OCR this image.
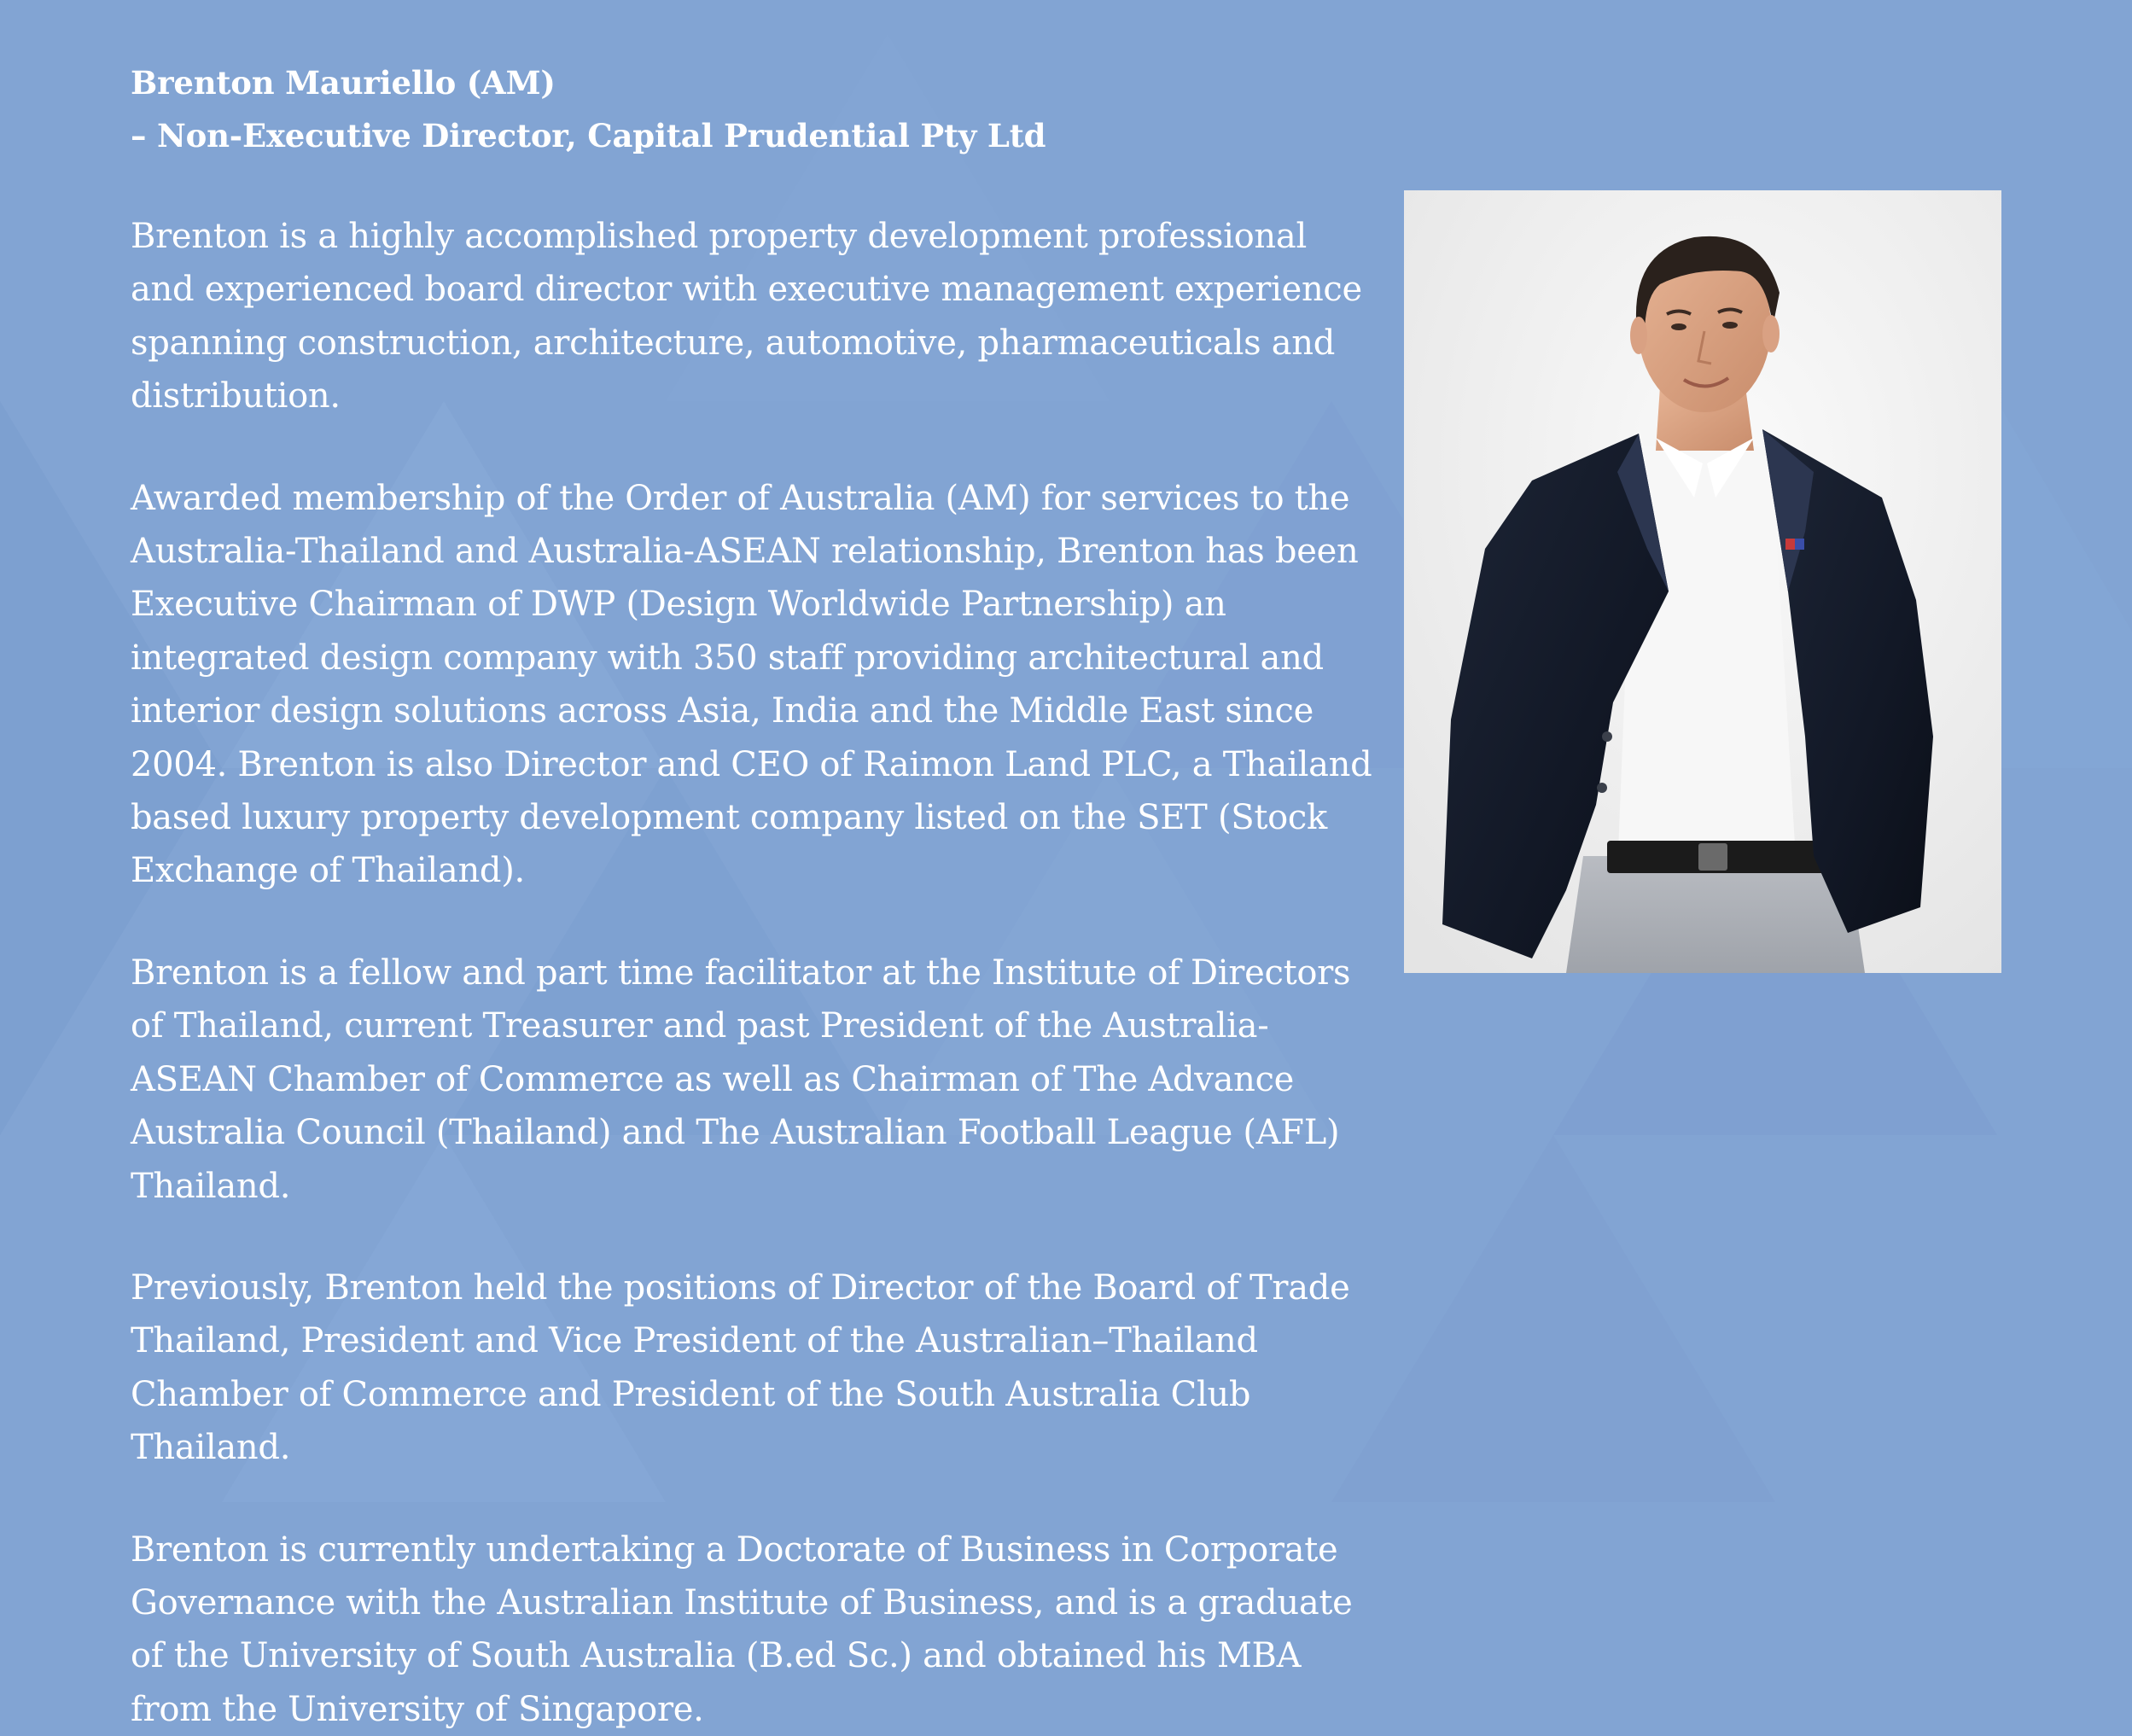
Brenton Mauriello (AM)

– Non-Executive Director, Capital Prudential Pty Ltd

Brenton is a highly accomplished property development professional and experienced board director with executive management experience spanning construction, architecture, automotive, pharmaceuticals and distribution.

Awarded membership of the Order of Australia (AM) for services to the Australia-Thailand and Australia-ASEAN relationship, Brenton has been Executive Chairman of DWP (Design Worldwide Partnership) an integrated design company with 350 staff providing architectural and interior design solutions across Asia, India and the Middle East since 2004. Brenton is also Director and CEO of Raimon Land PLC, a Thailand based luxury property development company listed on the SET (Stock Exchange of Thailand).

Brenton is a fellow and part time facilitator at the Institute of Directors of Thailand, current Treasurer and past President of the Australia-ASEAN Chamber of Commerce as well as Chairman of The Advance Australia Council (Thailand) and The Australian Football League (AFL) Thailand.

Previously, Brenton held the positions of Director of the Board of Trade Thailand, President and Vice President of the Australian–Thailand Chamber of Commerce and President of the South Australia Club Thailand.

Brenton is currently undertaking a Doctorate of Business in Corporate Governance with the Australian Institute of Business, and is a graduate of the University of South Australia (B.ed Sc.) and obtained his MBA from the University of Singapore.
